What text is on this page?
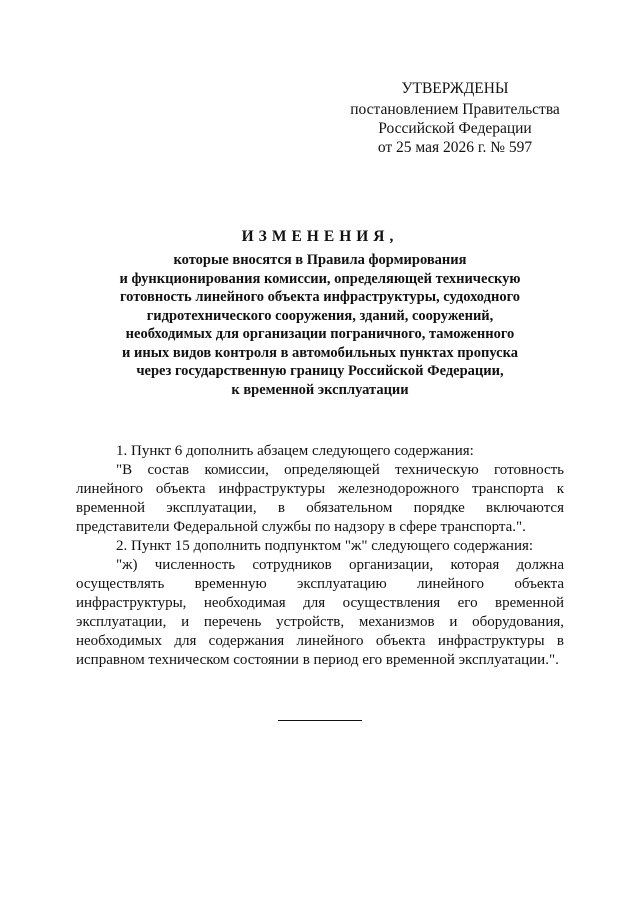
УТВЕРЖДЕНЫ
постановлением Правительства
Российской Федерации
от 25 мая 2026 г. № 597
ИЗМЕНЕНИЯ,
которые вносятся в Правила формирования
и функционирования комиссии, определяющей техническую
готовность линейного объекта инфраструктуры, судоходного
гидротехнического сооружения, зданий, сооружений,
необходимых для организации пограничного, таможенного
и иных видов контроля в автомобильных пунктах пропуска
через государственную границу Российской Федерации,
к временной эксплуатации

1. Пункт 6 дополнить абзацем следующего содержания:

"В состав комиссии, определяющей техническую готовность линейного объекта инфраструктуры железнодорожного транспорта к временной эксплуатации, в обязательном порядке включаются представители Федеральной службы по надзору в сфере транспорта.".

2. Пункт 15 дополнить подпунктом "ж" следующего содержания:

"ж) численность сотрудников организации, которая должна осуществлять временную эксплуатацию линейного объекта инфраструктуры, необходимая для осуществления его временной эксплуатации, и перечень устройств, механизмов и оборудования, необходимых для содержания линейного объекта инфраструктуры в исправном техническом состоянии в период его временной эксплуатации.".
